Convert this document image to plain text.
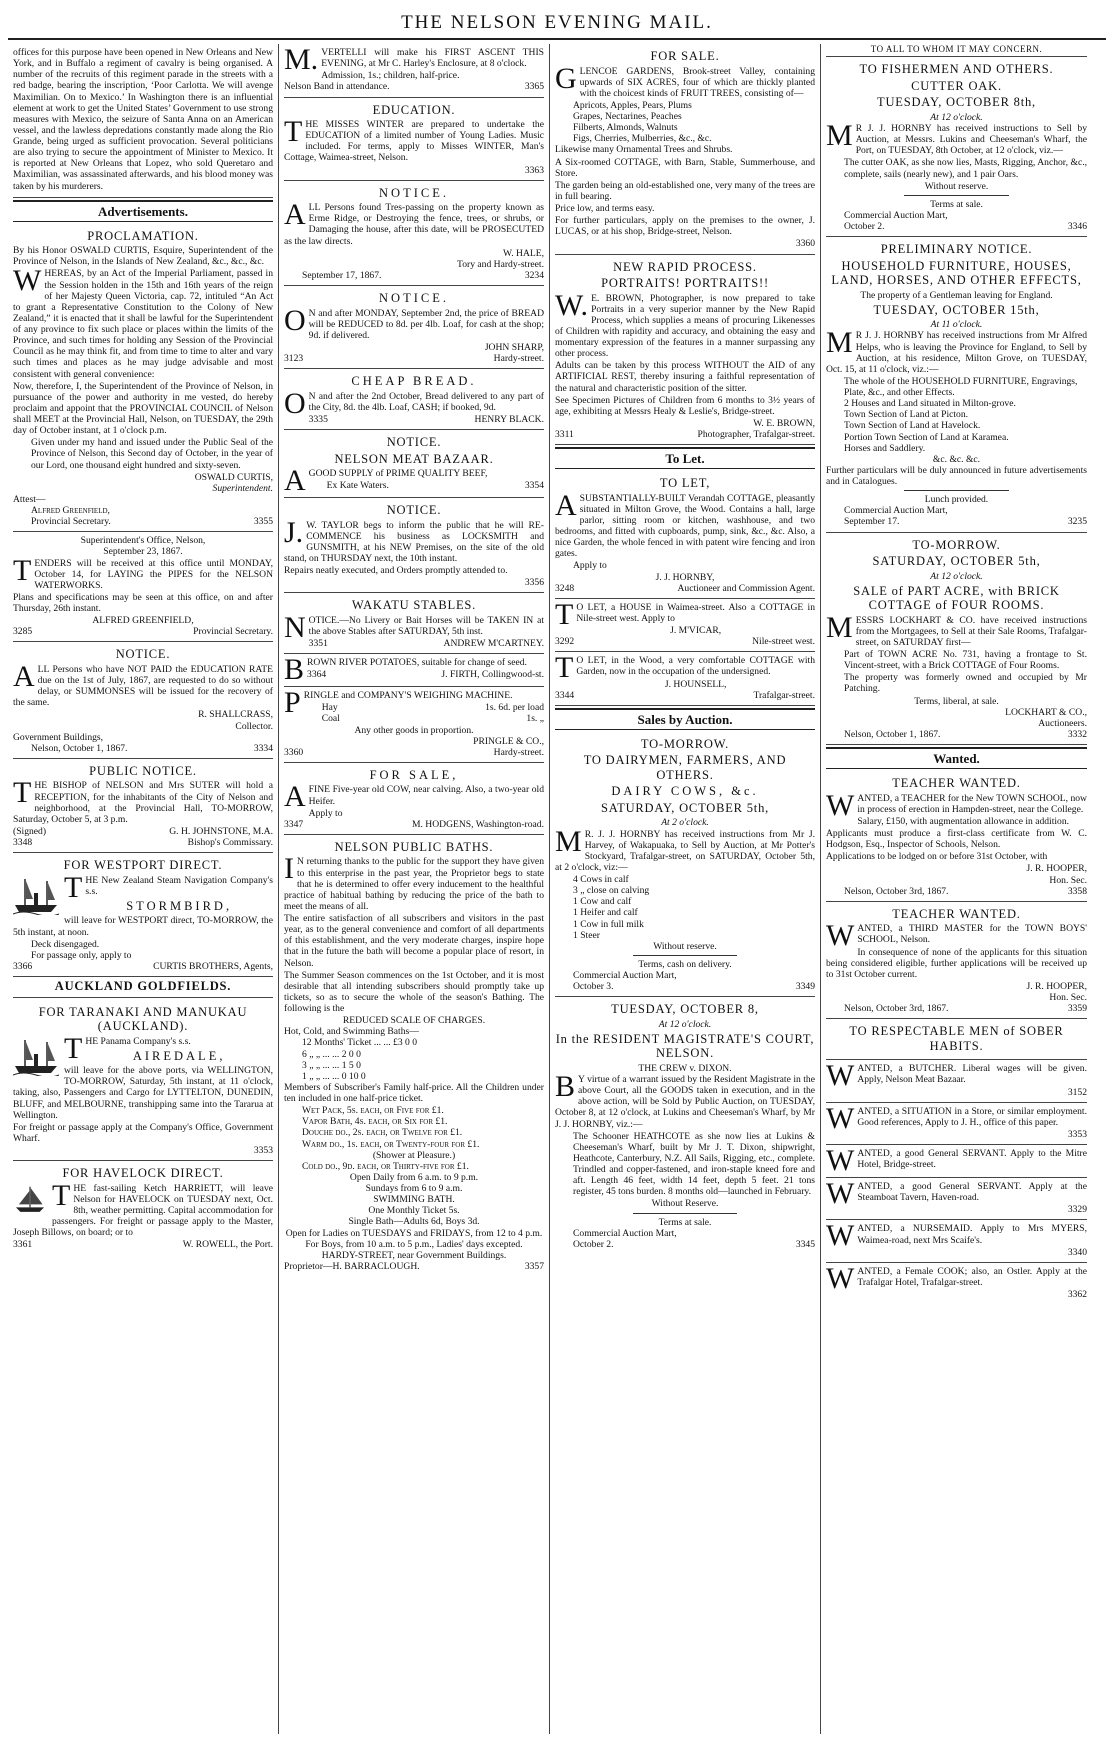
THE NELSON EVENING MAIL.

offices for this purpose have been opened in New Orleans and New York, and in Buffalo a regiment of cavalry is being organised. A number of the recruits of this regiment parade in the streets with a red badge, bearing the inscription, ‘Poor Carlotta. We will avenge Maximilian. On to Mexico.’ In Washington there is an influential element at work to get the United States’ Government to use strong measures with Mexico, the seizure of Santa Anna on an American vessel, and the lawless depredations constantly made along the Rio Grande, being urged as sufficient provocation. Several politicians are also trying to secure the appointment of Minister to Mexico. It is reported at New Orleans that Lopez, who sold Queretaro and Maximilian, was assassinated afterwards, and his blood money was taken by his murderers.

Advertisements.
PROCLAMATION.

By his Honor OSWALD CURTIS, Esquire, Superintendent of the Province of Nelson, in the Islands of New Zealand, &c., &c., &c.

WHEREAS, by an Act of the Imperial Parliament, passed in the Session holden in the 15th and 16th years of the reign of her Majesty Queen Victoria, cap. 72, intituled “An Act to grant a Representative Constitution to the Colony of New Zealand,” it is enacted that it shall be lawful for the Superintendent of any province to fix such place or places within the limits of the Province, and such times for holding any Session of the Provincial Council as he may think fit, and from time to time to alter and vary such times and places as he may judge advisable and most consistent with general convenience:

Now, therefore, I, the Superintendent of the Province of Nelson, in pursuance of the power and authority in me vested, do hereby proclaim and appoint that the PROVINCIAL COUNCIL of Nelson shall MEET at the Provincial Hall, Nelson, on TUESDAY, the 29th day of October instant, at 1 o'clock p.m.

Given under my hand and issued under the Public Seal of the Province of Nelson, this Second day of October, in the year of our Lord, one thousand eight hundred and sixty-seven.

OSWALD CURTIS,
Superintendent.
Attest—
Alfred Greenfield,
Provincial Secretary.	3355
Superintendent's Office, Nelson,
September 23, 1867.

TENDERS will be received at this office until MONDAY, October 14, for LAYING the PIPES for the NELSON WATERWORKS.

Plans and specifications may be seen at this office, on and after Thursday, 26th instant.

ALFRED GREENFIELD,
3285	Provincial Secretary.
NOTICE.

ALL Persons who have NOT PAID the EDUCATION RATE due on the 1st of July, 1867, are requested to do so without delay, or SUMMONSES will be issued for the recovery of the same.

R. SHALLCRASS,
Collector.
Government Buildings,
Nelson, October 1, 1867.	3334
PUBLIC NOTICE.

THE BISHOP of NELSON and Mrs SUTER will hold a RECEPTION, for the inhabitants of the City of Nelson and neighborhood, at the Provincial Hall, TO-MORROW, Saturday, October 5, at 3 p.m.

(Signed)	G. H. JOHNSTONE, M.A.
3348	Bishop's Commissary.
FOR WESTPORT DIRECT.

THE New Zealand Steam Navigation Company's s.s.

STORMBIRD,

will leave for WESTPORT direct, TO-MORROW, the 5th instant, at noon.

Deck disengaged.
For passage only, apply to
3366	CURTIS BROTHERS, Agents,
AUCKLAND GOLDFIELDS.
FOR TARANAKI AND MANUKAU (AUCKLAND).

THE Panama Company's s.s.

AIREDALE,

will leave for the above ports, via WELLINGTON, TO-MORROW, Saturday, 5th instant, at 11 o'clock, taking, also, Passengers and Cargo for LYTTELTON, DUNEDIN, BLUFF, and MELBOURNE, transhipping same into the Tararua at Wellington.

For freight or passage apply at the Company's Office, Government Wharf.

3353
FOR HAVELOCK DIRECT.

THE fast-sailing Ketch HARRIETT, will leave Nelson for HAVELOCK on TUESDAY next, Oct. 8th, weather permitting. Capital accommodation for passengers. For freight or passage apply to the Master, Joseph Billows, on board; or to

3361	W. ROWELL, the Port.

M.VERTELLI will make his FIRST ASCENT THIS EVENING, at Mr C. Harley's Enclosure, at 8 o'clock.

Admission, 1s.; children, half-price.
Nelson Band in attendance.	3365
EDUCATION.

THE MISSES WINTER are prepared to undertake the EDUCATION of a limited number of Young Ladies. Music included. For terms, apply to Misses WINTER, Man's Cottage, Waimea-street, Nelson.

3363
NOTICE.

ALL Persons found Tres-passing on the property known as Erme Ridge, or Destroying the fence, trees, or shrubs, or Damaging the house, after this date, will be PROSECUTED as the law directs.

W. HALE,
Tory and Hardy-street.
September 17, 1867.	3234
NOTICE.

ON and after MONDAY, September 2nd, the price of BREAD will be REDUCED to 8d. per 4lb. Loaf, for cash at the shop; 9d. if delivered.

JOHN SHARP,
3123	Hardy-street.
CHEAP BREAD.

ON and after the 2nd October, Bread delivered to any part of the City, 8d. the 4lb. Loaf, CASH; if booked, 9d.

3335	HENRY BLACK.
NOTICE.
NELSON MEAT BAZAAR.

AGOOD SUPPLY of PRIME QUALITY BEEF,

Ex Kate Waters.	3354
NOTICE.

J.W. TAYLOR begs to inform the public that he will RE-COMMENCE his business as LOCKSMITH and GUNSMITH, at his NEW Premises, on the site of the old stand, on THURSDAY next, the 10th instant.

Repairs neatly executed, and Orders promptly attended to.

3356
WAKATU STABLES.

NOTICE.—No Livery or Bait Horses will be TAKEN IN at the above Stables after SATURDAY, 5th inst.

3351	ANDREW M'CARTNEY.

BROWN RIVER POTATOES, suitable for change of seed.

3364	J. FIRTH, Collingwood-st.

PRINGLE and COMPANY'S WEIGHING MACHINE.

Hay	1s. 6d. per load
Coal	1s. „
Any other goods in proportion.
PRINGLE & CO.,
3360	Hardy-street.
FOR SALE,

AFINE Five-year old COW, near calving. Also, a two-year old Heifer.

Apply to
3347	M. HODGENS, Washington-road.
NELSON PUBLIC BATHS.

IN returning thanks to the public for the support they have given to this enterprise in the past year, the Proprietor begs to state that he is determined to offer every inducement to the healthful practice of habitual bathing by reducing the price of the bath to meet the means of all.

The entire satisfaction of all subscribers and visitors in the past year, as to the general convenience and comfort of all departments of this establishment, and the very moderate charges, inspire hope that in the future the bath will become a popular place of resort, in Nelson.

The Summer Season commences on the 1st October, and it is most desirable that all intending subscribers should promptly take up tickets, so as to secure the whole of the season's Bathing. The following is the

REDUCED SCALE OF CHARGES.
Hot, Cold, and Swimming Baths—
12 Months' Ticket ... ... £3 0 0
6 „ „ ... ... 2 0 0
3 „ „ ... ... 1 5 0
1 „ „ ... ... 0 10 0

Members of Subscriber's Family half-price. All the Children under ten included in one half-price ticket.

Wet Pack, 5s. each, or Five for £1.
Vapor Bath, 4s. each, or Six for £1.
Douche do., 2s. each, or Twelve for £1.
Warm do., 1s. each, or Twenty-four for £1.
(Shower at Pleasure.)
Cold do., 9d. each, or Thirty-five for £1.
Open Daily from 6 a.m. to 9 p.m.
Sundays from 6 to 9 a.m.
SWIMMING BATH.
One Monthly Ticket 5s.
Single Bath—Adults 6d, Boys 3d.
Open for Ladies on TUESDAYS and FRIDAYS, from 12 to 4 p.m.
For Boys, from 10 a.m. to 5 p.m., Ladies' days excepted.
HARDY-STREET, near Government Buildings.
Proprietor—H. BARRACLOUGH.	3357
FOR SALE.

GLENCOE GARDENS, Brook-street Valley, containing upwards of SIX ACRES, four of which are thickly planted with the choicest kinds of FRUIT TREES, consisting of—

Apricots, Apples, Pears, Plums
Grapes, Nectarines, Peaches
Filberts, Almonds, Walnuts
Figs, Cherries, Mulberries, &c., &c.

Likewise many Ornamental Trees and Shrubs.

A Six-roomed COTTAGE, with Barn, Stable, Summerhouse, and Store.

The garden being an old-established one, very many of the trees are in full bearing.

Price low, and terms easy.

For further particulars, apply on the premises to the owner, J. LUCAS, or at his shop, Bridge-street, Nelson.

3360
NEW RAPID PROCESS.
PORTRAITS! PORTRAITS!!

W.E. BROWN, Photographer, is now prepared to take Portraits in a very superior manner by the New Rapid Process, which supplies a means of procuring Likenesses of Children with rapidity and accuracy, and obtaining the easy and momentary expression of the features in a manner surpassing any other process.

Adults can be taken by this process WITHOUT the AID of any ARTIFICIAL REST, thereby insuring a faithful representation of the natural and characteristic position of the sitter.

See Specimen Pictures of Children from 6 months to 3½ years of age, exhibiting at Messrs Healy & Leslie's, Bridge-street.

W. E. BROWN,
3311	Photographer, Trafalgar-street.
To Let.
TO LET,

ASUBSTANTIALLY-BUILT Verandah COTTAGE, pleasantly situated in Milton Grove, the Wood. Contains a hall, large parlor, sitting room or kitchen, washhouse, and two bedrooms, and fitted with cupboards, pump, sink, &c., &c. Also, a nice Garden, the whole fenced in with patent wire fencing and iron gates.

Apply to
J. J. HORNBY,
3248	Auctioneer and Commission Agent.

TO LET, a HOUSE in Waimea-street. Also a COTTAGE in Nile-street west. Apply to

J. M'VICAR,
3292	Nile-street west.

TO LET, in the Wood, a very comfortable COTTAGE with Garden, now in the occupation of the undersigned.

J. HOUNSELL,
3344	Trafalgar-street.
Sales by Auction.
TO-MORROW.
TO DAIRYMEN, FARMERS, AND OTHERS.
DAIRY COWS, &c.
SATURDAY, OCTOBER 5th,
At 2 o'clock.

MR. J. J. HORNBY has received instructions from Mr J. Harvey, of Wakapuaka, to Sell by Auction, at Mr Potter's Stockyard, Trafalgar-street, on SATURDAY, October 5th, at 2 o'clock, viz:—

4 Cows in calf
3 „ close on calving
1 Cow and calf
1 Heifer and calf
1 Cow in full milk
1 Steer
Without reserve.
Terms, cash on delivery.
Commercial Auction Mart,
October 3.	3349
TUESDAY, OCTOBER 8,
At 12 o'clock.
In the RESIDENT MAGISTRATE'S COURT, NELSON.
THE CREW v. DIXON.

BY virtue of a warrant issued by the Resident Magistrate in the above Court, all the GOODS taken in execution, and in the above action, will be Sold by Public Auction, on TUESDAY, October 8, at 12 o'clock, at Lukins and Cheeseman's Wharf, by Mr J. J. HORNBY, viz.:—

The Schooner HEATHCOTE as she now lies at Lukins & Cheeseman's Wharf, built by Mr J. T. Dixon, shipwright, Heathcote, Canterbury, N.Z. All Sails, Rigging, etc., complete. Trindled and copper-fastened, and iron-staple kneed fore and aft. Length 46 feet, width 14 feet, depth 5 feet. 21 tons register, 45 tons burden. 8 months old—launched in February.

Without Reserve.
Terms at sale.
Commercial Auction Mart,
October 2.	3345
TO ALL TO WHOM IT MAY CONCERN.
TO FISHERMEN AND OTHERS.
CUTTER OAK.
TUESDAY, OCTOBER 8th,
At 12 o'clock.

MR J. J. HORNBY has received instructions to Sell by Auction, at Messrs. Lukins and Cheeseman's Wharf, the Port, on TUESDAY, 8th October, at 12 o'clock, viz.—

The cutter OAK, as she now lies, Masts, Rigging, Anchor, &c., complete, sails (nearly new), and 1 pair Oars.

Without reserve.
Terms at sale.
Commercial Auction Mart,
October 2.	3346
PRELIMINARY NOTICE.
HOUSEHOLD FURNITURE, HOUSES, LAND, HORSES, AND OTHER EFFECTS,
The property of a Gentleman leaving for England.
TUESDAY, OCTOBER 15th,
At 11 o'clock.

MR J. J. HORNBY has received instructions from Mr Alfred Helps, who is leaving the Province for England, to Sell by Auction, at his residence, Milton Grove, on TUESDAY, Oct. 15, at 11 o'clock, viz.:—

The whole of the HOUSEHOLD FURNITURE, Engravings, Plate, &c., and other Effects.
2 Houses and Land situated in Milton-grove.
Town Section of Land at Picton.
Town Section of Land at Havelock.
Portion Town Section of Land at Karamea.
Horses and Saddlery.
&c. &c. &c.

Further particulars will be duly announced in future advertisements and in Catalogues.

Lunch provided.
Commercial Auction Mart,
September 17.	3235
TO-MORROW.
SATURDAY, OCTOBER 5th,
At 12 o'clock.
SALE of PART ACRE, with BRICK COTTAGE of FOUR ROOMS.

MESSRS LOCKHART & CO. have received instructions from the Mortgagees, to Sell at their Sale Rooms, Trafalgar-street, on SATURDAY first—

Part of TOWN ACRE No. 731, having a frontage to St. Vincent-street, with a Brick COTTAGE of Four Rooms.

The property was formerly owned and occupied by Mr Patching.

Terms, liberal, at sale.
LOCKHART & CO.,
Auctioneers.
Nelson, October 1, 1867.	3332
Wanted.
TEACHER WANTED.

WANTED, a TEACHER for the New TOWN SCHOOL, now in process of erection in Hampden-street, near the College.

Salary, £150, with augmentation allowance in addition.

Applicants must produce a first-class certificate from W. C. Hodgson, Esq., Inspector of Schools, Nelson.

Applications to be lodged on or before 31st October, with

J. R. HOOPER,
Hon. Sec.
Nelson, October 3rd, 1867.	3358
TEACHER WANTED.

WANTED, a THIRD MASTER for the TOWN BOYS' SCHOOL, Nelson.

In consequence of none of the applicants for this situation being considered eligible, further applications will be received up to 31st October current.

J. R. HOOPER,
Hon. Sec.
Nelson, October 3rd, 1867.	3359
TO RESPECTABLE MEN of SOBER HABITS.

WANTED, a BUTCHER. Liberal wages will be given. Apply, Nelson Meat Bazaar.

3152

WANTED, a SITUATION in a Store, or similar employment. Good references, Apply to J. H., office of this paper.

3353

WANTED, a good General SERVANT. Apply to the Mitre Hotel, Bridge-street.

WANTED, a good General SERVANT. Apply at the Steamboat Tavern, Haven-road.

3329

WANTED, a NURSEMAID. Apply to Mrs MYERS, Waimea-road, next Mrs Scaife's.

3340

WANTED, a Female COOK; also, an Ostler. Apply at the Trafalgar Hotel, Trafalgar-street.

3362
